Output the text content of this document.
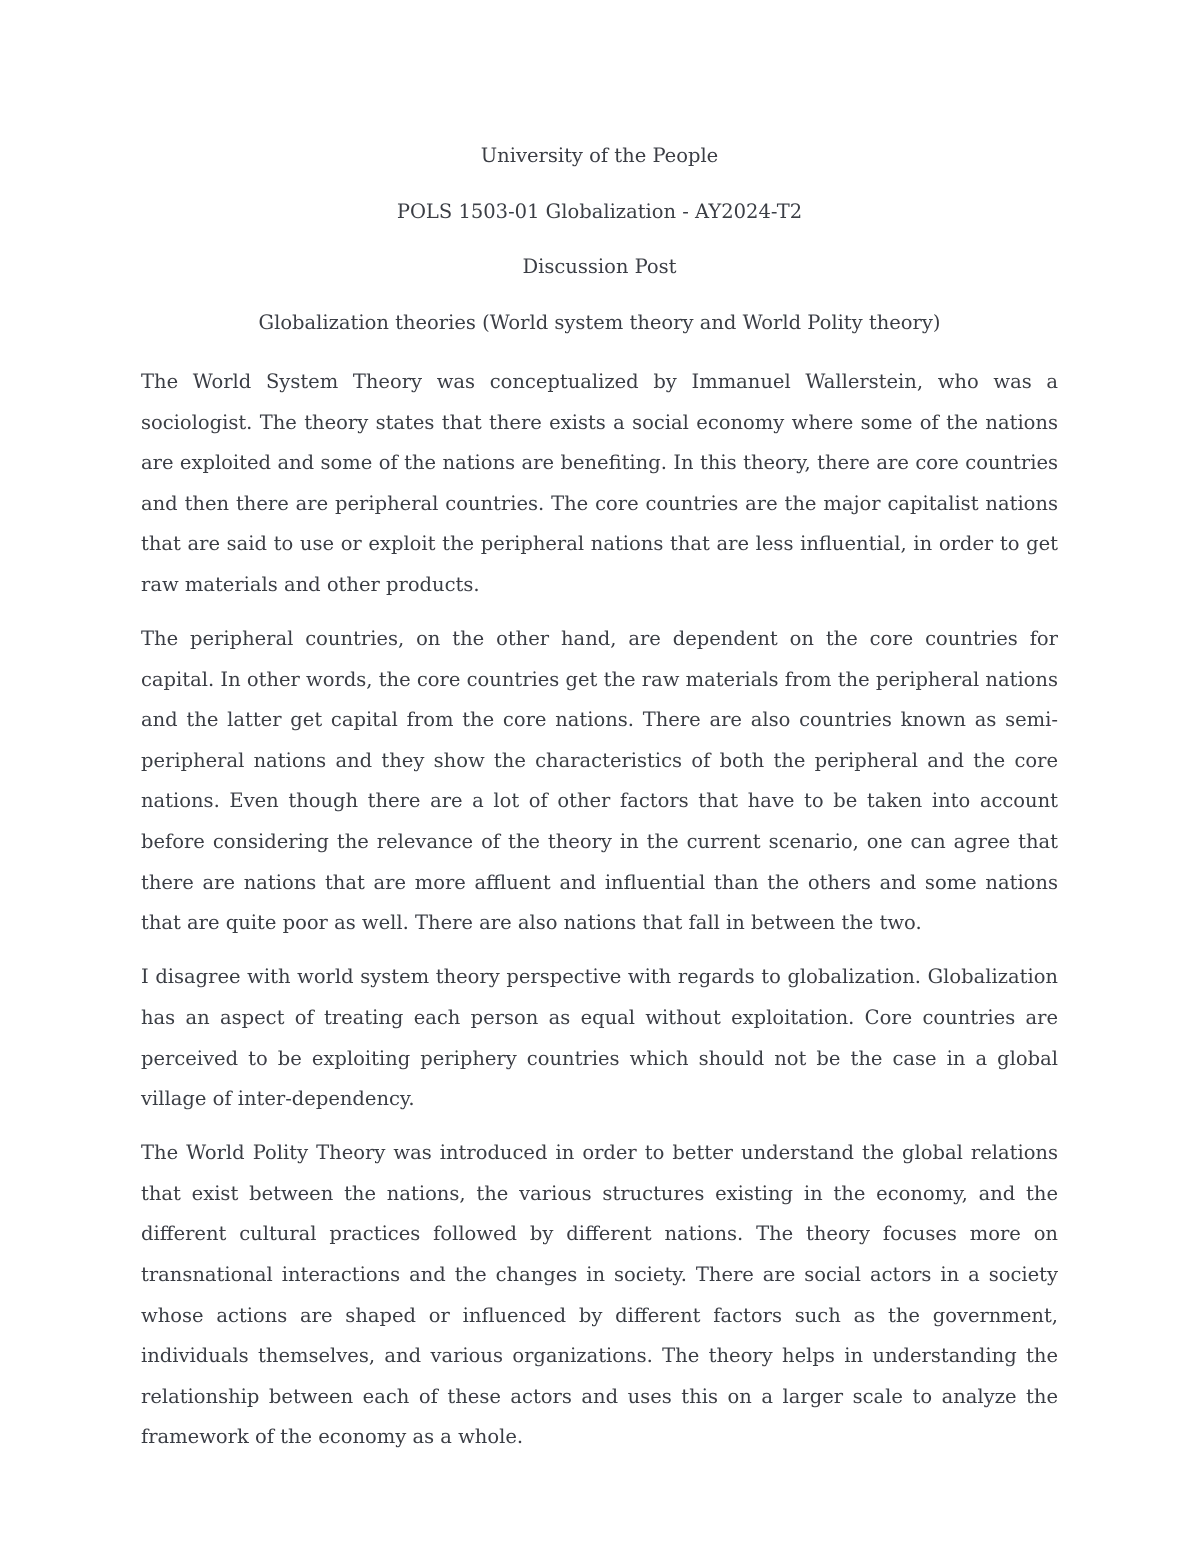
University of the People

POLS 1503-01 Globalization - AY2024-T2

Discussion Post

Globalization theories (World system theory and World Polity theory)

The World System Theory was conceptualized by Immanuel Wallerstein, who was a sociologist. The theory states that there exists a social economy where some of the nations are exploited and some of the nations are benefiting. In this theory, there are core countries and then there are peripheral countries. The core countries are the major capitalist nations that are said to use or exploit the peripheral nations that are less influential, in order to get raw materials and other products.

The peripheral countries, on the other hand, are dependent on the core countries for capital. In other words, the core countries get the raw materials from the peripheral nations and the latter get capital from the core nations. There are also countries known as semi-peripheral nations and they show the characteristics of both the peripheral and the core nations. Even though there are a lot of other factors that have to be taken into account before considering the relevance of the theory in the current scenario, one can agree that there are nations that are more affluent and influential than the others and some nations that are quite poor as well. There are also nations that fall in between the two.

I disagree with world system theory perspective with regards to globalization. Globalization has an aspect of treating each person as equal without exploitation. Core countries are perceived to be exploiting periphery countries which should not be the case in a global village of inter-dependency.

The World Polity Theory was introduced in order to better understand the global relations that exist between the nations, the various structures existing in the economy, and the different cultural practices followed by different nations. The theory focuses more on transnational interactions and the changes in society. There are social actors in a society whose actions are shaped or influenced by different factors such as the government, individuals themselves, and various organizations. The theory helps in understanding the relationship between each of these actors and uses this on a larger scale to analyze the framework of the economy as a whole.
